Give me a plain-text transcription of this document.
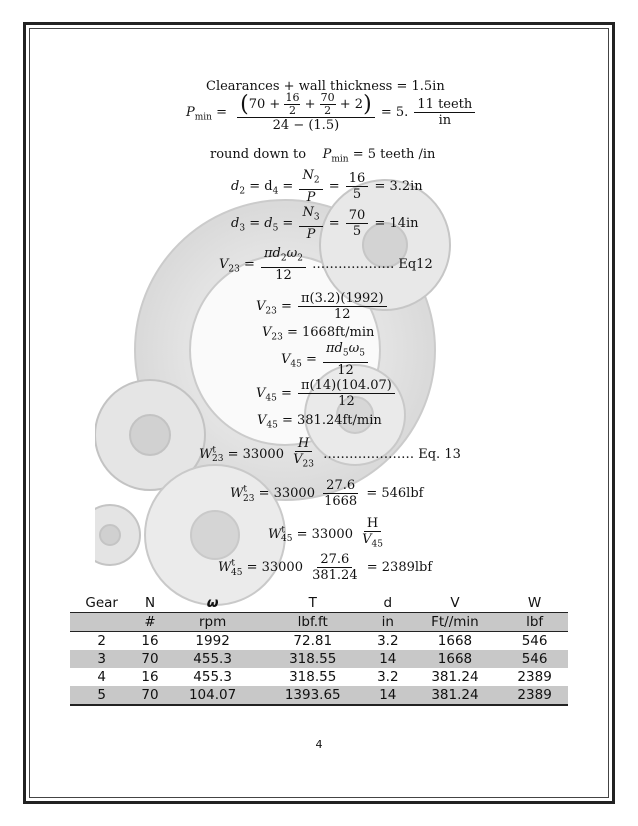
Clearances + wall thickness = 1.5in
$P_{min} = \frac{(70 + \frac{16}{2} + \frac{70}{2} + 2)}{24 - (1.5)} = 5$. $\frac{\text{11 teeth}}{in}$
round down to $P_{min} = 5$ teeth /in
$d_2 = d_4 = \frac{N_2}{P} = \frac{16}{5} = 3.2in$
$d_3 = d_5 = \frac{N_3}{P} = \frac{70}{5} = 14in$
$V_{23} = \frac{\pi d_2\omega_2}{12}$ ………………. Eq12
$V_{23} = \frac{\pi(3.2)(1992)}{12}$
$V_{23} = 1668ft/\min$
$V_{45} = \frac{\pi d_5\omega_5}{12}$
$V_{45} = \frac{\pi(14)(104.07)}{12}$
$V_{45} = 381.24ft/\min$
$W^t_{23} = 33000 \frac{H}{V_{23}}$ ………………… Eq. 13
$W^t_{23} = 33000 \frac{27.6}{1668} = 546lbf$
$W^t_{45} = 33000 \frac{H}{V_{45}}$
$W^t_{45} = 33000 \frac{27.6}{381.24} = 2389lbf$
Gear	N	ω	T	d	V	W
	#	rpm	lbf.ft	in	Ft//min	lbf
2	16	1992	72.81	3.2	1668	546
3	70	455.3	318.55	14	1668	546
4	16	455.3	318.55	3.2	381.24	2389
5	70	104.07	1393.65	14	381.24	2389
4
